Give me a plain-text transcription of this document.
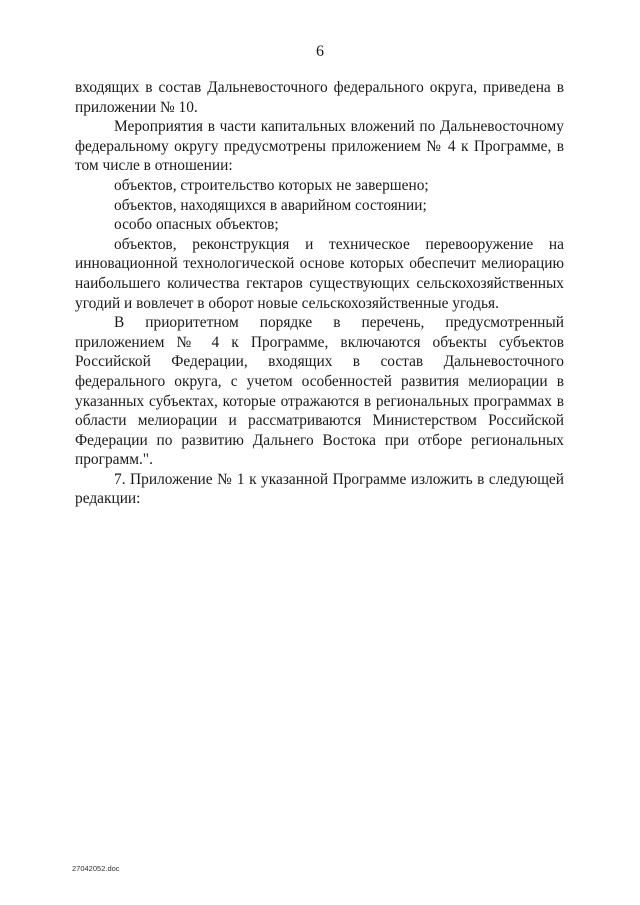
6

входящих в состав Дальневосточного федерального округа, приведена в приложении № 10.

Мероприятия в части капитальных вложений по Дальневосточному федеральному округу предусмотрены приложением № 4 к Программе, в том числе в отношении:

объектов, строительство которых не завершено;

объектов, находящихся в аварийном состоянии;

особо опасных объектов;

объектов, реконструкция и техническое перевооружение на инновационной технологической основе которых обеспечит мелиорацию наибольшего количества гектаров существующих сельскохозяйственных угодий и вовлечет в оборот новые сельскохозяйственные угодья.

В приоритетном порядке в перечень, предусмотренный приложением № 4 к Программе, включаются объекты субъектов Российской Федерации, входящих в состав Дальневосточного федерального округа, с учетом особенностей развития мелиорации в указанных субъектах, которые отражаются в региональных программах в области мелиорации и рассматриваются Министерством Российской Федерации по развитию Дальнего Востока при отборе региональных программ.".

7. Приложение № 1 к указанной Программе изложить в следующей редакции:

27042052.doc
